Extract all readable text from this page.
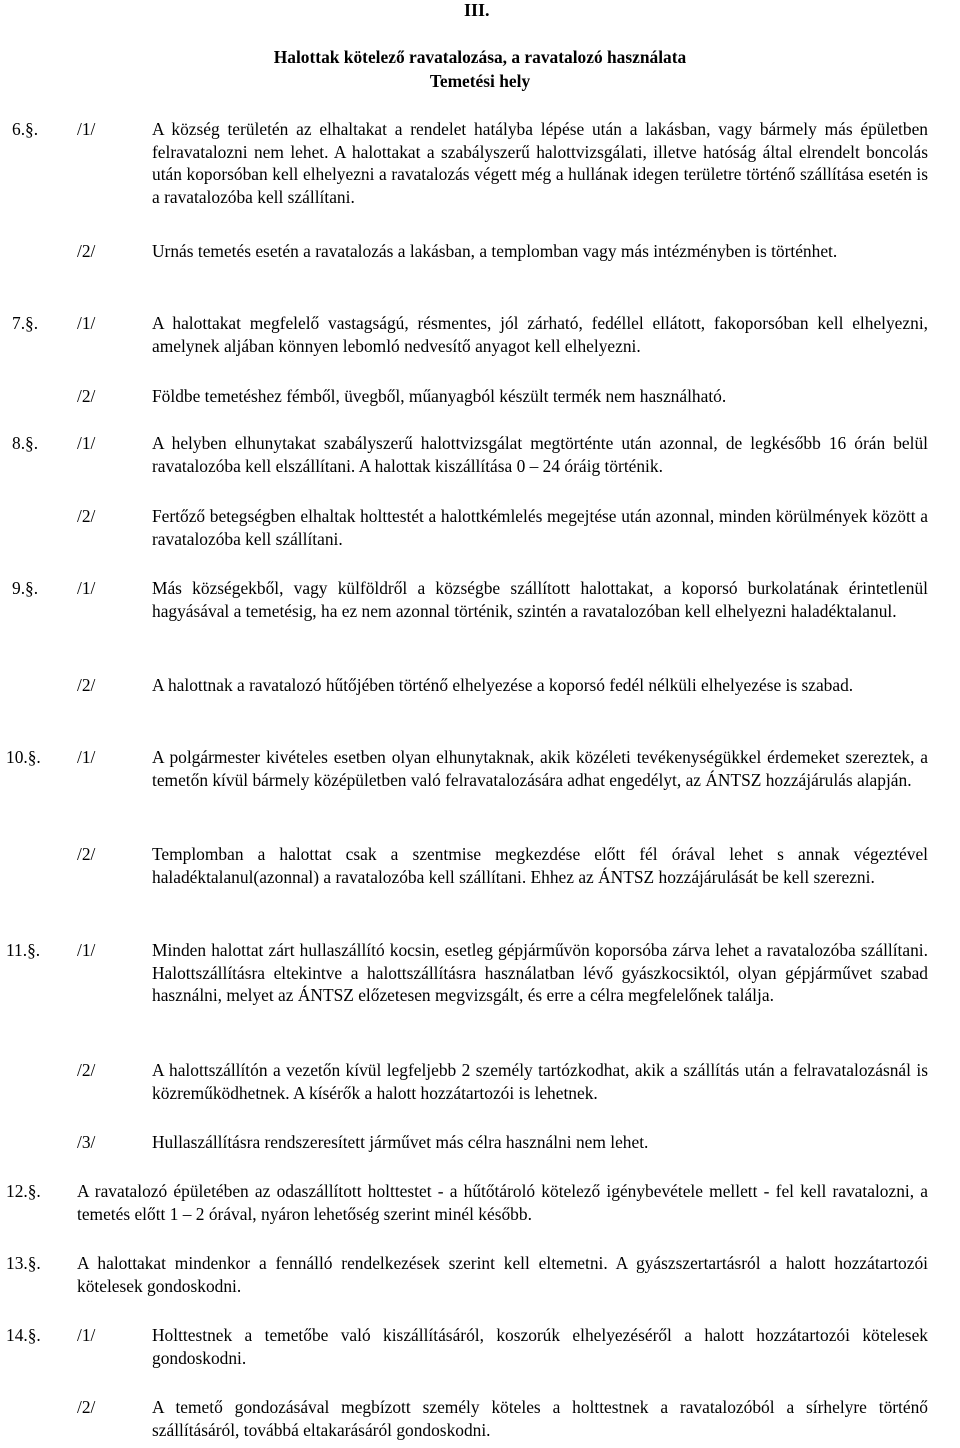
III.
Halottak kötelező ravatalozása, a ravatalozó használata
Temetési hely
6.§. /1/	A község területén az elhaltakat a rendelet hatályba lépése után a lakásban, vagy bármely más épületben felravatalozni nem lehet. A halottakat a szabályszerű halottvizsgálati, illetve hatóság által elrendelt boncolás után koporsóban kell elhelyezni a ravatalozás végett még a hullának idegen területre történő szállítása esetén is a ravatalozóba kell szállítani.
/2/	Urnás temetés esetén a ravatalozás a lakásban, a templomban vagy más intézményben is történhet.
7.§. /1/	A halottakat megfelelő vastagságú, résmentes, jól zárható, fedéllel ellátott, fakoporsóban kell elhelyezni, amelynek aljában könnyen lebomló nedvesítő anyagot kell elhelyezni.
/2/	Földbe temetéshez fémből, üvegből, műanyagból készült termék nem használható.
8.§. /1/	A helyben elhunytakat szabályszerű halottvizsgálat megtörténte után azonnal, de legkésőbb 16 órán belül ravatalozóba kell elszállítani. A halottak kiszállítása 0 – 24 óráig történik.
/2/	Fertőző betegségben elhaltak holttestét a halottkémlelés megejtése után azonnal, minden körülmények között a ravatalozóba kell szállítani.
9.§. /1/	Más községekből, vagy külföldről a községbe szállított halottakat, a koporsó burkolatának érintetlenül hagyásával a temetésig, ha ez nem azonnal történik, szintén a ravatalozóban kell elhelyezni haladéktalanul.
/2/	A halottnak a ravatalozó hűtőjében történő elhelyezése a koporsó fedél nélküli elhelyezése is szabad.
10.§. /1/	A polgármester kivételes esetben olyan elhunytaknak, akik közéleti tevékenységükkel érdemeket szereztek, a temetőn kívül bármely középületben való felravatalozására adhat engedélyt, az ÁNTSZ hozzájárulás alapján.
/2/	Templomban a halottat csak a szentmise megkezdése előtt fél órával lehet s annak végeztével haladéktalanul(azonnal) a ravatalozóba kell szállítani. Ehhez az ÁNTSZ hozzájárulását be kell szerezni.
11.§. /1/	Minden halottat zárt hullaszállító kocsin, esetleg gépjárművön koporsóba zárva lehet a ravatalozóba szállítani. Halottszállításra eltekintve a halottszállításra használatban lévő gyászkocsiktól, olyan gépjárművet szabad használni, melyet az ÁNTSZ előzetesen megvizsgált, és erre a célra megfelelőnek találja.
/2/	A halottszállítón a vezetőn kívül legfeljebb 2 személy tartózkodhat, akik a szállítás után a felravatalozásnál is közreműködhetnek. A kísérők a halott hozzátartozói is lehetnek.
/3/	Hullaszállításra rendszeresített járművet más célra használni nem lehet.
12.§. A ravatalozó épületében az odaszállított holttestet - a hűtőtároló kötelező igénybevétele mellett - fel kell ravatalozni, a temetés előtt 1 – 2 órával, nyáron lehetőség szerint minél később.
13.§. A halottakat mindenkor a fennálló rendelkezések szerint kell eltemetni. A gyászszertartásról a halott hozzátartozói kötelesek gondoskodni.
14.§. /1/	Holttestnek a temetőbe való kiszállításáról, koszorúk elhelyezéséről a halott hozzátartozói kötelesek gondoskodni.
/2/	A temető gondozásával megbízott személy köteles a holttestnek a ravatalozóból a sírhelyre történő szállításáról, továbbá eltakarásáról gondoskodni.
